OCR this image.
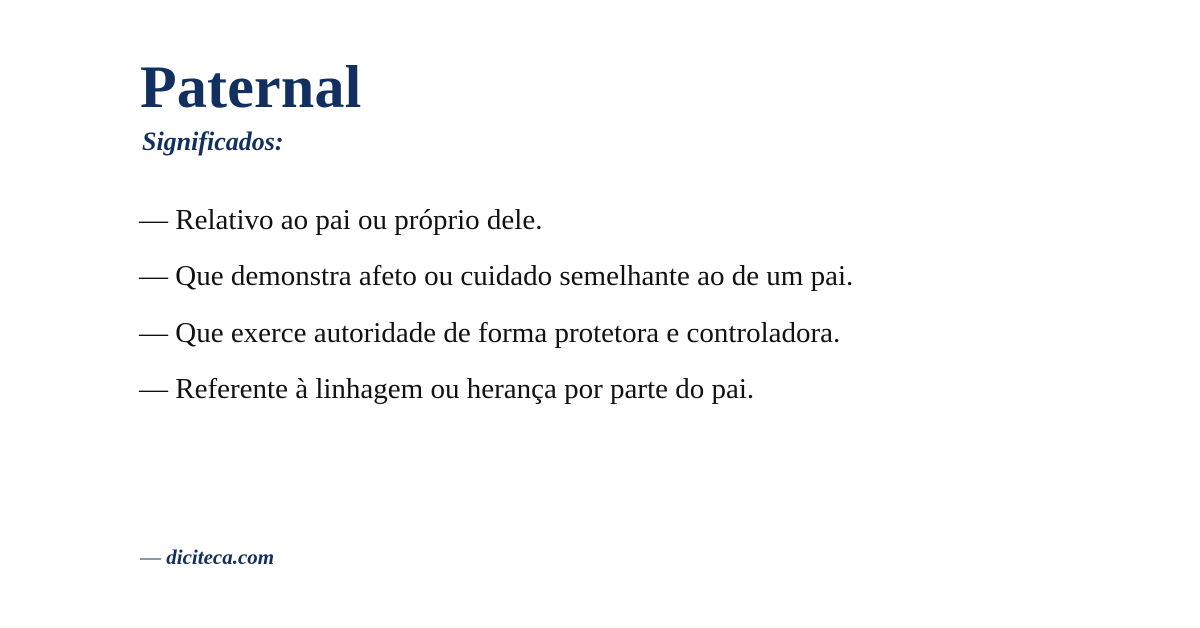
Paternal
Significados:
— Relativo ao pai ou próprio dele.
— Que demonstra afeto ou cuidado semelhante ao de um pai.
— Que exerce autoridade de forma protetora e controladora.
— Referente à linhagem ou herança por parte do pai.
— diciteca.com
